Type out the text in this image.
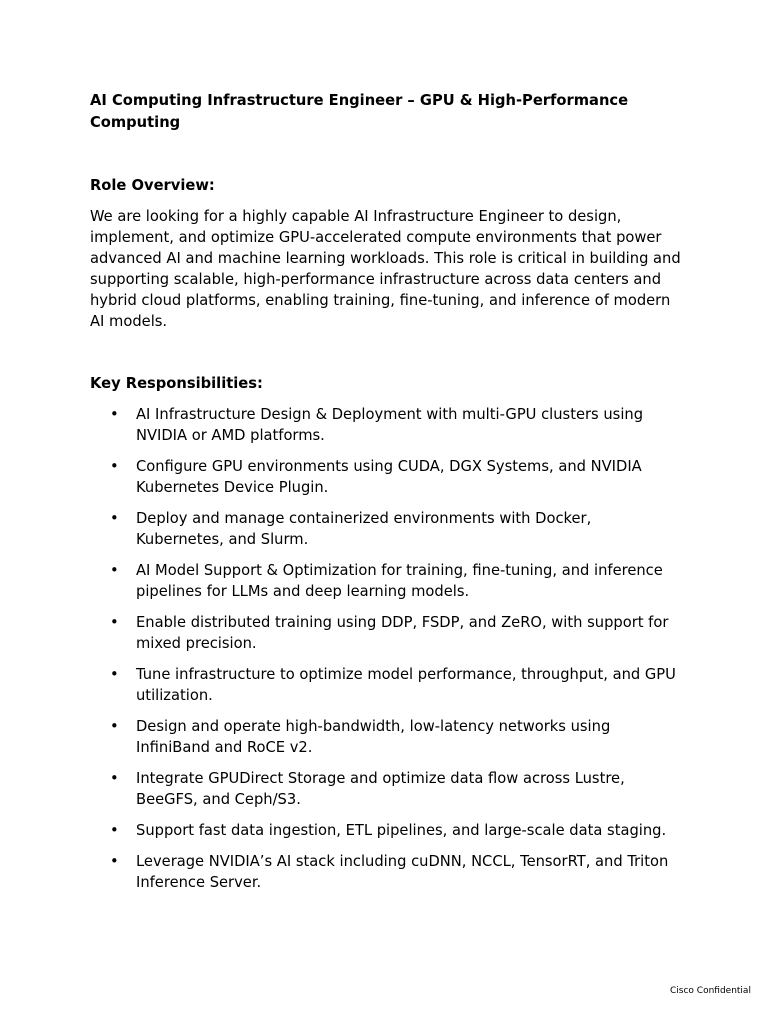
AI Computing Infrastructure Engineer – GPU & High-Performance Computing
Role Overview:

We are looking for a highly capable AI Infrastructure Engineer to design, implement, and optimize GPU-accelerated compute environments that power advanced AI and machine learning workloads. This role is critical in building and supporting scalable, high-performance infrastructure across data centers and hybrid cloud platforms, enabling training, fine-tuning, and inference of modern AI models.

Key Responsibilities:
• AI Infrastructure Design & Deployment with multi-GPU clusters using NVIDIA or AMD platforms.
• Configure GPU environments using CUDA, DGX Systems, and NVIDIA Kubernetes Device Plugin.
• Deploy and manage containerized environments with Docker, Kubernetes, and Slurm.
• AI Model Support & Optimization for training, fine-tuning, and inference pipelines for LLMs and deep learning models.
• Enable distributed training using DDP, FSDP, and ZeRO, with support for mixed precision.
• Tune infrastructure to optimize model performance, throughput, and GPU utilization.
• Design and operate high-bandwidth, low-latency networks using InfiniBand and RoCE v2.
• Integrate GPUDirect Storage and optimize data flow across Lustre, BeeGFS, and Ceph/S3.
• Support fast data ingestion, ETL pipelines, and large-scale data staging.
• Leverage NVIDIA’s AI stack including cuDNN, NCCL, TensorRT, and Triton Inference Server.
Cisco Confidential
